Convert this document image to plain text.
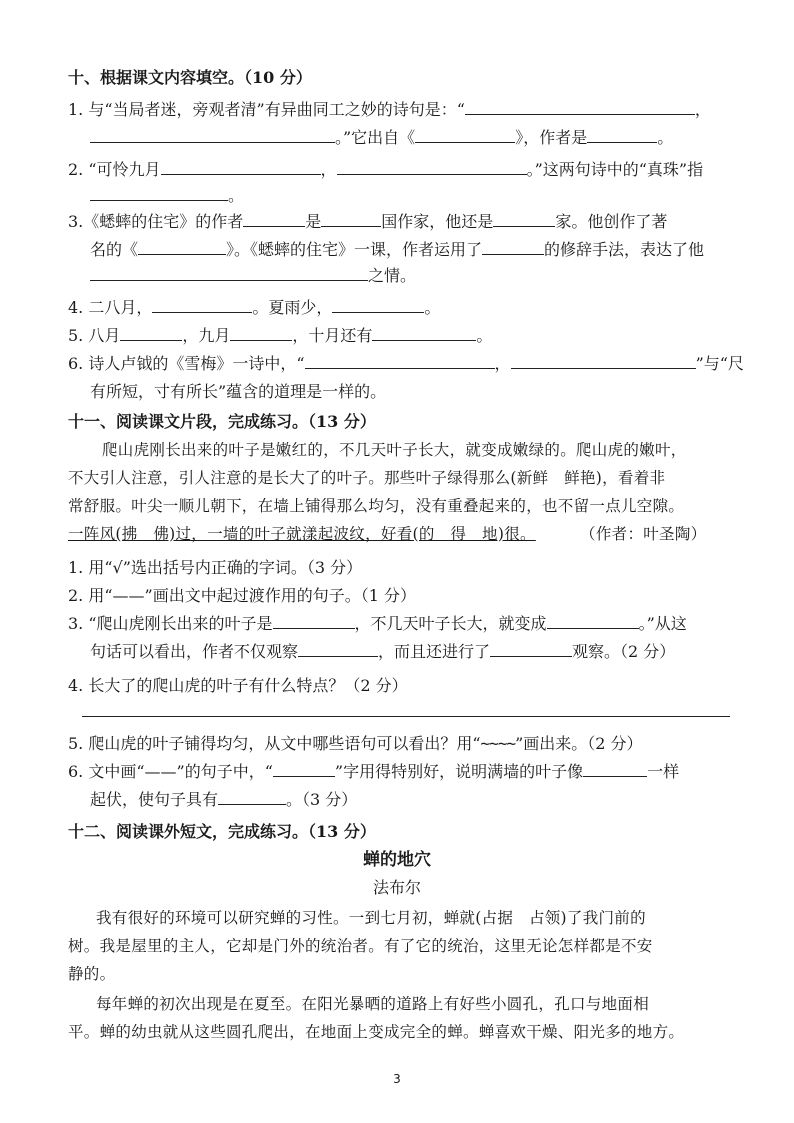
十、根据课文内容填空。（10 分）
1. 与“当局者迷，旁观者清”有异曲同工之妙的诗句是：“	，
。”它出自《	》，作者是	。
2. “可怜九月	，	。”这两句诗中的“真珠”指
。
3.《蟋蟀的住宅》的作者	是	国作家，他还是	家。他创作了著
名的《	》。《蟋蟀的住宅》一课，作者运用了	的修辞手法，表达了他
之情。
4. 二八月，	。夏雨少，	。
5. 八月	，九月	，十月还有	。
6. 诗人卢钺的《雪梅》一诗中，“	，	”与“尺
有所短，寸有所长”蕴含的道理是一样的。
十一、阅读课文片段，完成练习。（13 分）
爬山虎刚长出来的叶子是嫩红的，不几天叶子长大，就变成嫩绿的。爬山虎的嫩叶，
不大引人注意，引人注意的是长大了的叶子。那些叶子绿得那么(新鲜　鲜艳)，看着非
常舒服。叶尖一顺儿朝下，在墙上铺得那么均匀，没有重叠起来的，也不留一点儿空隙。
一阵风(拂　佛)过，一墙的叶子就漾起波纹，好看(的　得　地)很。	（作者：叶圣陶）
1. 用“√”选出括号内正确的字词。（3 分）
2. 用“——”画出文中起过渡作用的句子。（1 分）
3. “爬山虎刚长出来的叶子是	，不几天叶子长大，就变成	。”从这
句话可以看出，作者不仅观察	，而且还进行了	观察。（2 分）
4. 长大了的爬山虎的叶子有什么特点？（2 分）
5. 爬山虎的叶子铺得均匀，从文中哪些语句可以看出？用“~~~~”画出来。（2 分）
6. 文中画“——”的句子中，“	”字用得特别好，说明满墙的叶子像	一样
起伏，使句子具有	。（3 分）
十二、阅读课外短文，完成练习。（13 分）
蝉的地穴
法布尔
我有很好的环境可以研究蝉的习性。一到七月初，蝉就(占据　占领)了我门前的
树。我是屋里的主人，它却是门外的统治者。有了它的统治，这里无论怎样都是不安
静的。
每年蝉的初次出现是在夏至。在阳光暴晒的道路上有好些小圆孔，孔口与地面相
平。蝉的幼虫就从这些圆孔爬出，在地面上变成完全的蝉。蝉喜欢干燥、阳光多的地方。
3
